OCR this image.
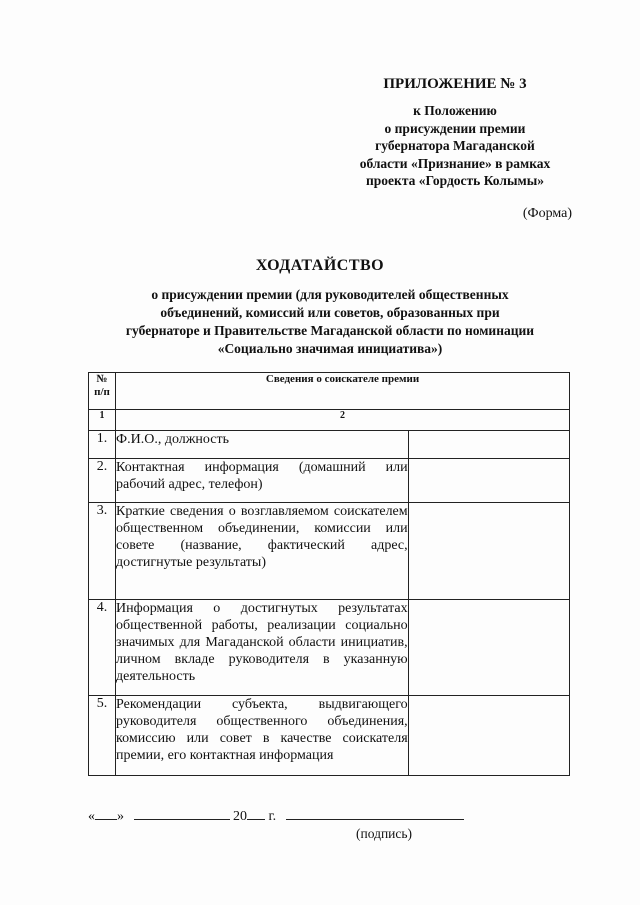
ПРИЛОЖЕНИЕ № 3
к Положению
о присуждении премии
губернатора Магаданской
области «Признание» в рамках
проекта «Гордость Колымы»
(Форма)
ХОДАТАЙСТВО
о присуждении премии (для руководителей общественных
объединений, комиссий или советов, образованных при
губернаторе и Правительстве Магаданской области по номинации
«Социально значимая инициатива»)
№
п/п	Сведения о соискателе премии	
1	2	
1.	Ф.И.О., должность	
2.	Контактная информация (домашний или рабочий адрес, телефон)	
3.	Краткие сведения о возглавляемом соискателем общественном объединении, комиссии или совете (название, фактический адрес, достигнутые результаты)	
4.	Информация о достигнутых результатах общественной работы, реализации социально значимых для Магаданской области инициатив, личном вкладе руководителя в указанную деятельность	
5.	Рекомендации субъекта, выдвигающего руководителя общественного объединения, комиссию или совет в качестве соискателя премии, его контактная информация	
« »	20 г.
(подпись)
